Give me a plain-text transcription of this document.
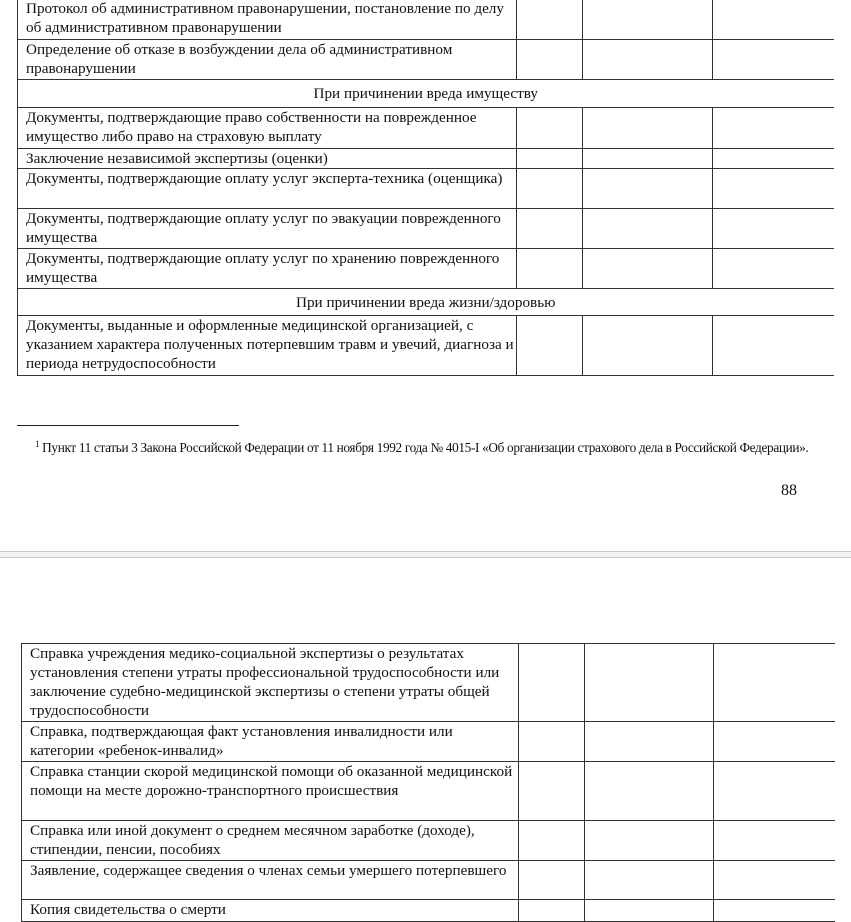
Протокол об административном правонарушении, постановление по делу об административном правонарушении			
Определение об отказе в возбуждении дела об административном правонарушении			
При причинении вреда имуществу			
Документы, подтверждающие право собственности на поврежденное имущество либо право на страховую выплату			
Заключение независимой экспертизы (оценки)			
Документы, подтверждающие оплату услуг эксперта-техника (оценщика)			
Документы, подтверждающие оплату услуг по эвакуации поврежденного имущества			
Документы, подтверждающие оплату услуг по хранению поврежденного имущества			
При причинении вреда жизни/здоровью			
Документы, выданные и оформленные медицинской организацией, с указанием характера полученных потерпевшим травм и увечий, диагноза и периода нетрудоспособности			
$^1$ Пункт 11 статьи 3 Закона Российской Федерации от 11 ноября 1992 года № 4015-I «Об организации страхового дела в Российской Федерации».
88
Справка учреждения медико-социальной экспертизы о результатах установления степени утраты профессиональной трудоспособности или заключение судебно-медицинской экспертизы о степени утраты общей трудоспособности			
Справка, подтверждающая факт установления инвалидности или категории «ребенок-инвалид»			
Справка станции скорой медицинской помощи об оказанной медицинской помощи на месте дорожно-транспортного происшествия			
Справка или иной документ о среднем месячном заработке (доходе), стипендии, пенсии, пособиях			
Заявление, содержащее сведения о членах семьи умершего потерпевшего			
Копия свидетельства о смерти			
